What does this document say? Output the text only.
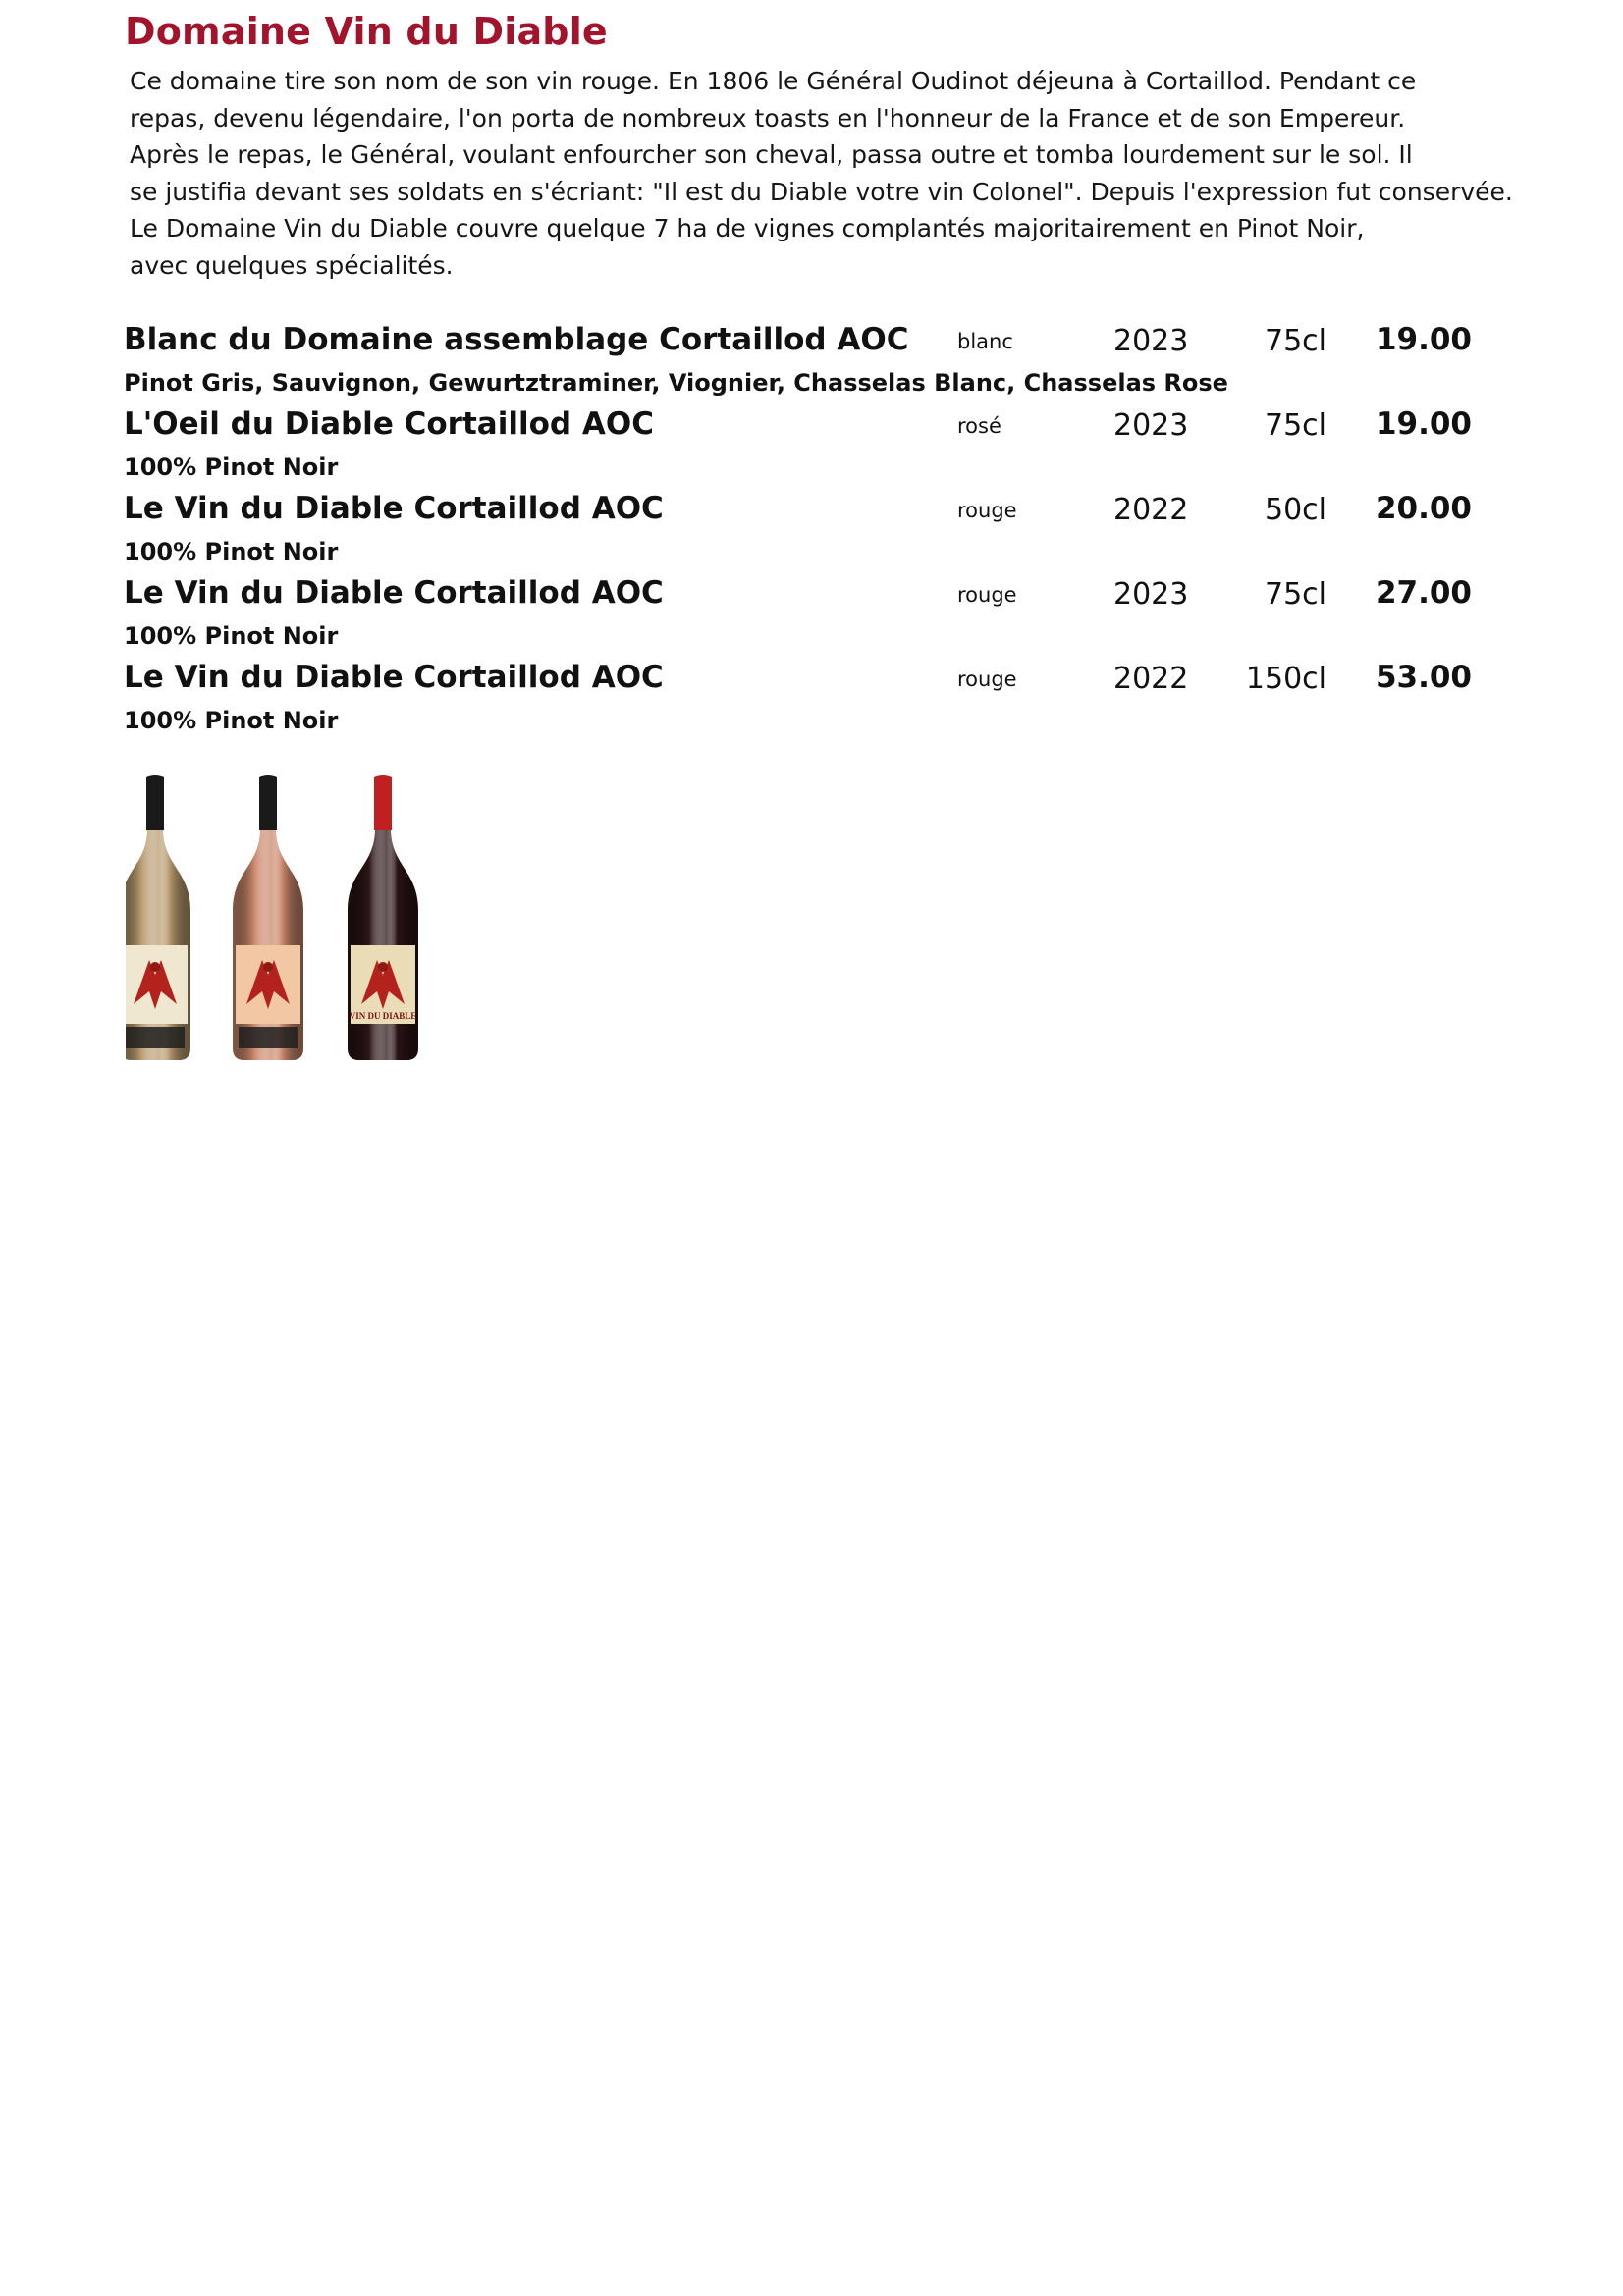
Domaine Vin du Diable
Ce domaine tire son nom de son vin rouge. En 1806 le Général Oudinot déjeuna à Cortaillod. Pendant ce
repas, devenu légendaire, l'on porta de nombreux toasts en l'honneur de la France et de son Empereur.
Après le repas, le Général, voulant enfourcher son cheval, passa outre et tomba lourdement sur le sol. Il
se justifia devant ses soldats en s'écriant: "Il est du Diable votre vin Colonel". Depuis l'expression fut conservée.
Le Domaine Vin du Diable couvre quelque 7 ha de vignes complantés majoritairement en Pinot Noir,
avec quelques spécialités.
Blanc du Domaine assemblage Cortaillod AOC
Pinot Gris, Sauvignon, Gewurtztraminer, Viognier, Chasselas Blanc, Chasselas Rose
blanc	2023	75cl 19.00
L'Oeil du Diable Cortaillod AOC
100% Pinot Noir
rosé	2023	75cl 19.00
Le Vin du Diable Cortaillod AOC
100% Pinot Noir
rouge	2022	50cl 20.00
Le Vin du Diable Cortaillod AOC
100% Pinot Noir
rouge	2023	75cl 27.00
Le Vin du Diable Cortaillod AOC
100% Pinot Noir
rouge	2022 150cl 53.00
VIN DU DIABLE
